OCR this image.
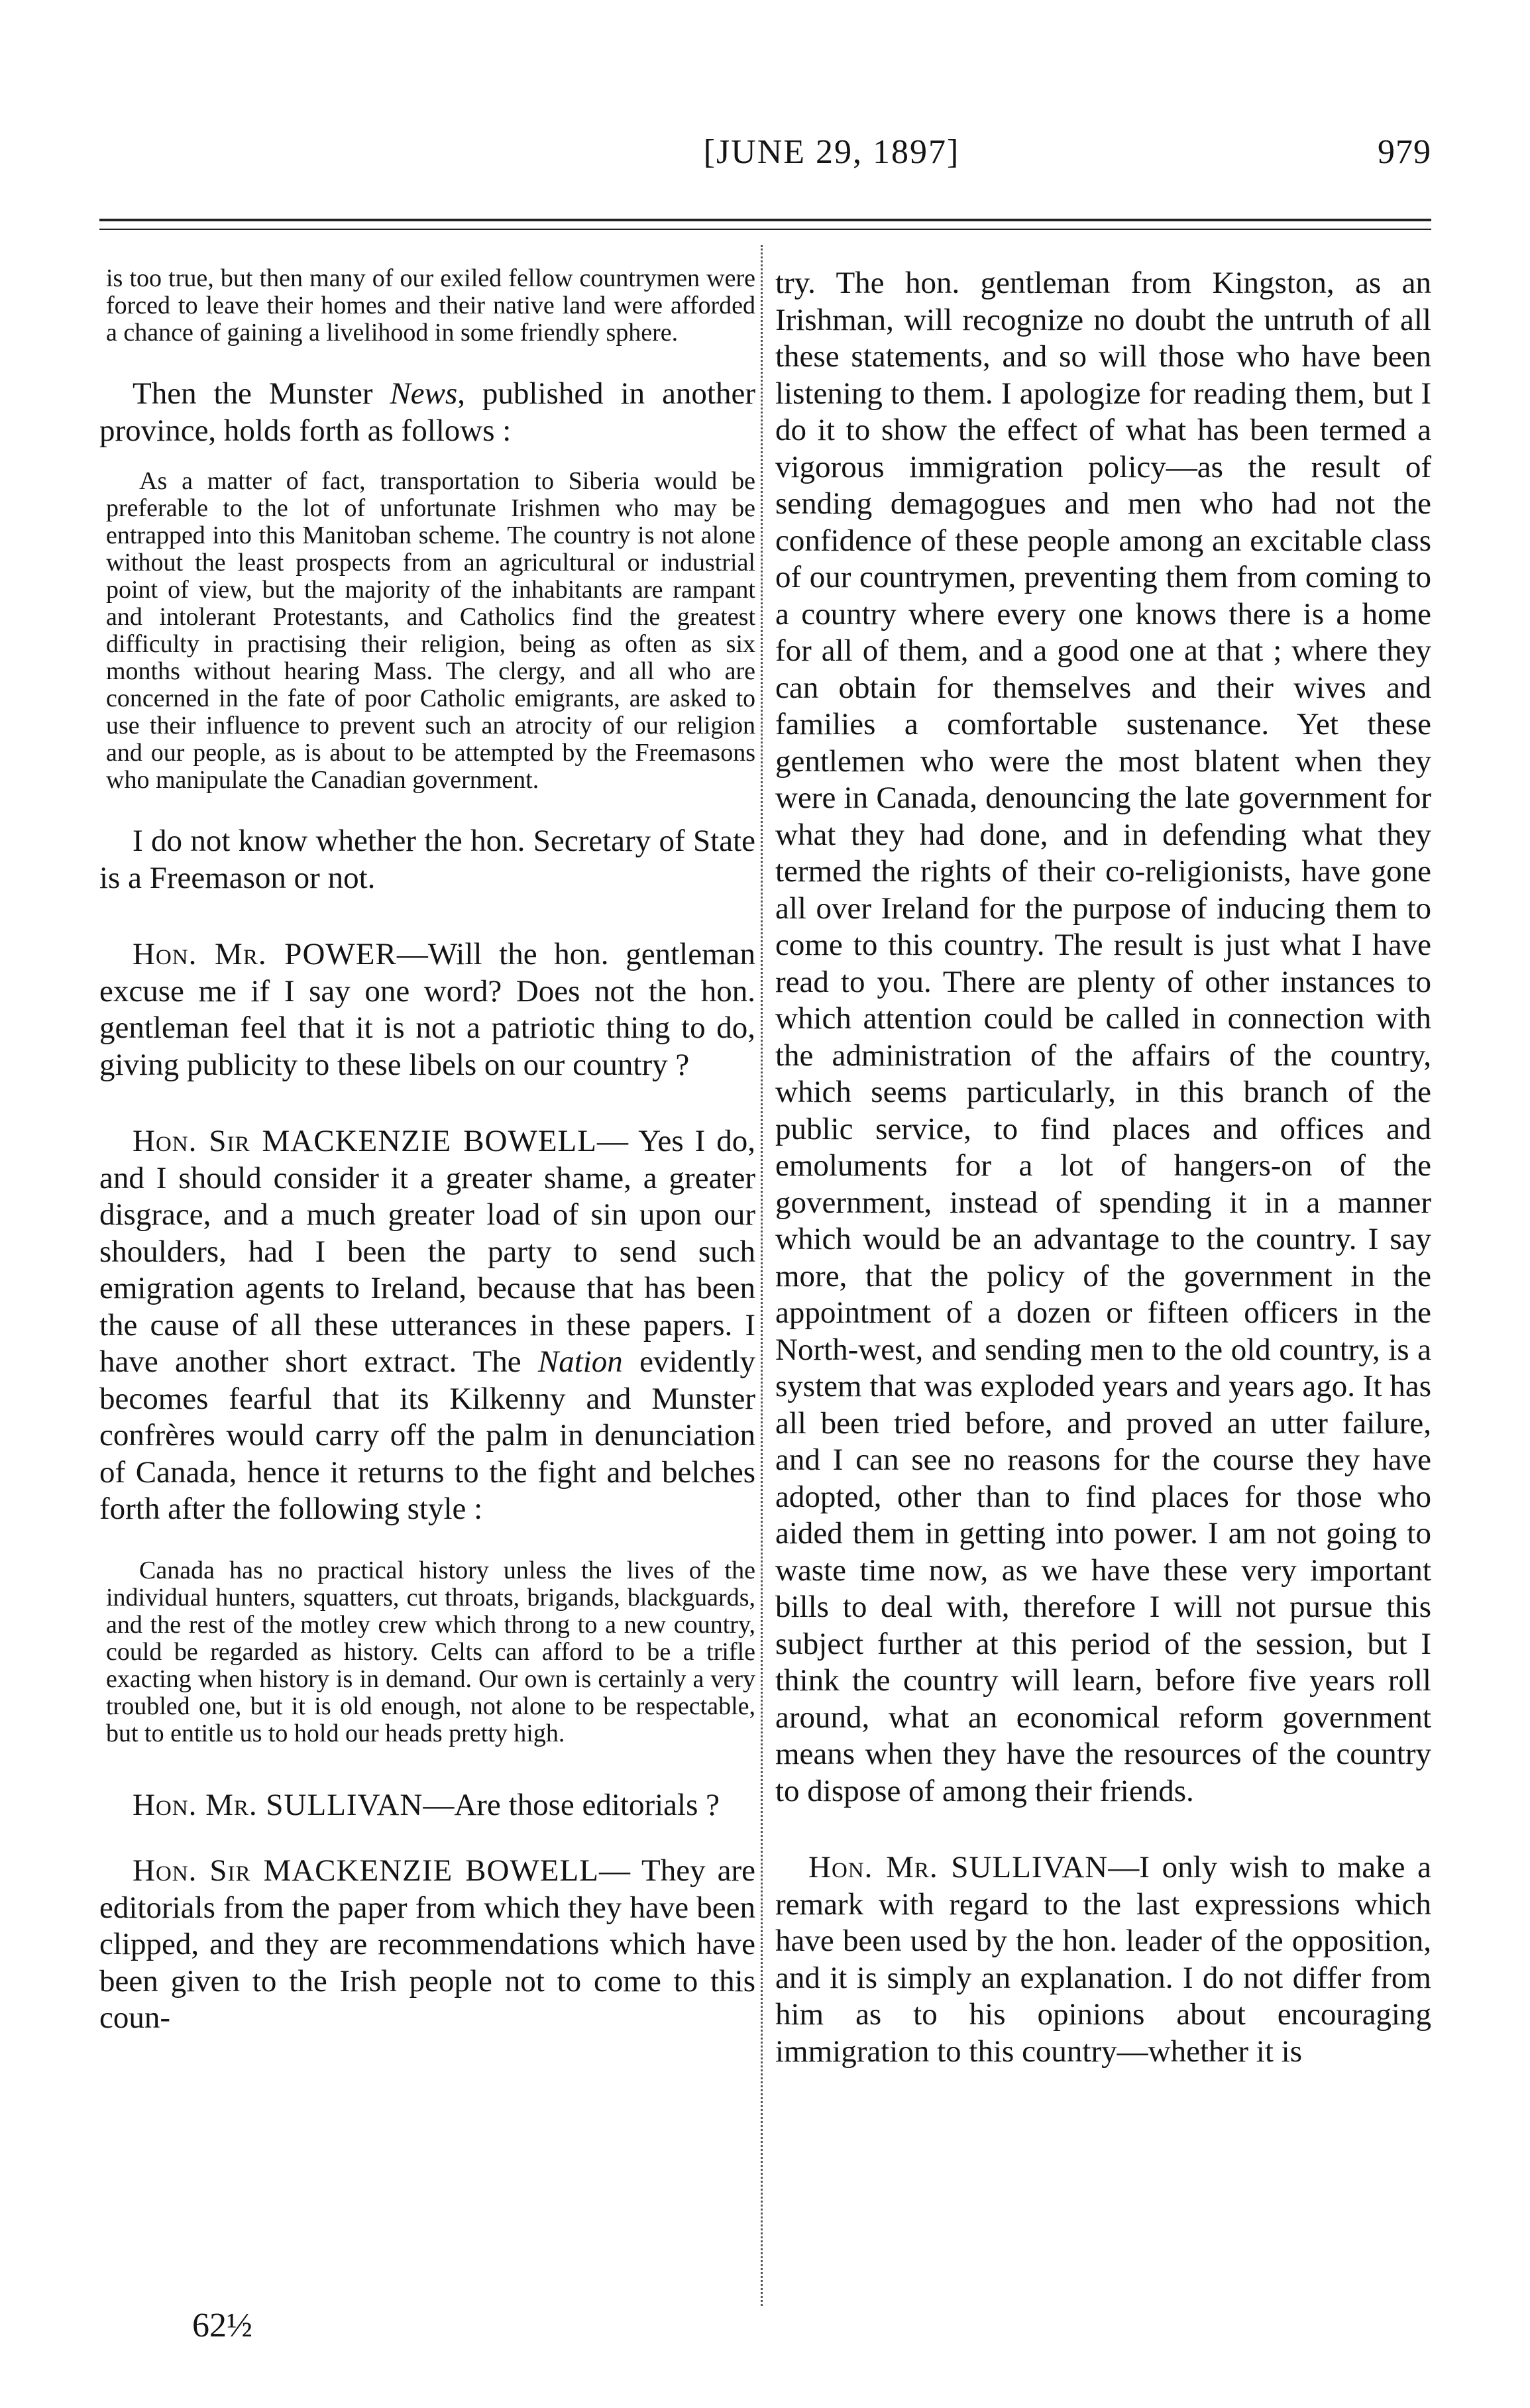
[JUNE 29, 1897]	979

is too true, but then many of our exiled fellow countrymen were forced to leave their homes and their native land were afforded a chance of gaining a livelihood in some friendly sphere.

Then the Munster News, published in another province, holds forth as follows :

As a matter of fact, transportation to Siberia would be preferable to the lot of unfortunate Irishmen who may be entrapped into this Manitoban scheme. The country is not alone without the least prospects from an agricultural or industrial point of view, but the majority of the inhabitants are rampant and intolerant Protestants, and Catholics find the greatest difficulty in practising their religion, being as often as six months without hearing Mass. The clergy, and all who are concerned in the fate of poor Catholic emigrants, are asked to use their influence to prevent such an atrocity of our religion and our people, as is about to be attempted by the Freemasons who manipulate the Canadian government.

I do not know whether the hon. Secretary of State is a Freemason or not.

Hon. Mr. POWER—Will the hon. gentleman excuse me if I say one word? Does not the hon. gentleman feel that it is not a patriotic thing to do, giving publicity to these libels on our country ?

Hon. Sir MACKENZIE BOWELL— Yes I do, and I should consider it a greater shame, a greater disgrace, and a much greater load of sin upon our shoulders, had I been the party to send such emigration agents to Ireland, because that has been the cause of all these utterances in these papers. I have another short extract. The Nation evidently becomes fearful that its Kilkenny and Munster confrères would carry off the palm in denunciation of Canada, hence it returns to the fight and belches forth after the following style :

Canada has no practical history unless the lives of the individual hunters, squatters, cut throats, brigands, blackguards, and the rest of the motley crew which throng to a new country, could be regarded as history. Celts can afford to be a trifle exacting when history is in demand. Our own is certainly a very troubled one, but it is old enough, not alone to be respectable, but to entitle us to hold our heads pretty high.

Hon. Mr. SULLIVAN—Are those editorials ?

Hon. Sir MACKENZIE BOWELL— They are editorials from the paper from which they have been clipped, and they are recommendations which have been given to the Irish people not to come to this coun-

62½

try. The hon. gentleman from Kingston, as an Irishman, will recognize no doubt the untruth of all these statements, and so will those who have been listening to them. I apologize for reading them, but I do it to show the effect of what has been termed a vigorous immigration policy—as the result of sending demagogues and men who had not the confidence of these people among an excitable class of our countrymen, preventing them from coming to a country where every one knows there is a home for all of them, and a good one at that ; where they can obtain for themselves and their wives and families a comfortable sustenance. Yet these gentlemen who were the most blatent when they were in Canada, denouncing the late government for what they had done, and in defending what they termed the rights of their co-religionists, have gone all over Ireland for the purpose of inducing them to come to this country. The result is just what I have read to you. There are plenty of other instances to which attention could be called in connection with the administration of the affairs of the country, which seems particularly, in this branch of the public service, to find places and offices and emoluments for a lot of hangers-on of the government, instead of spending it in a manner which would be an advantage to the country. I say more, that the policy of the government in the appointment of a dozen or fifteen officers in the North-west, and sending men to the old country, is a system that was exploded years and years ago. It has all been tried before, and proved an utter failure, and I can see no reasons for the course they have adopted, other than to find places for those who aided them in getting into power. I am not going to waste time now, as we have these very important bills to deal with, therefore I will not pursue this subject further at this period of the session, but I think the country will learn, before five years roll around, what an economical reform government means when they have the resources of the country to dispose of among their friends.

Hon. Mr. SULLIVAN—I only wish to make a remark with regard to the last expressions which have been used by the hon. leader of the opposition, and it is simply an explanation. I do not differ from him as to his opinions about encouraging immigration to this country—whether it is
